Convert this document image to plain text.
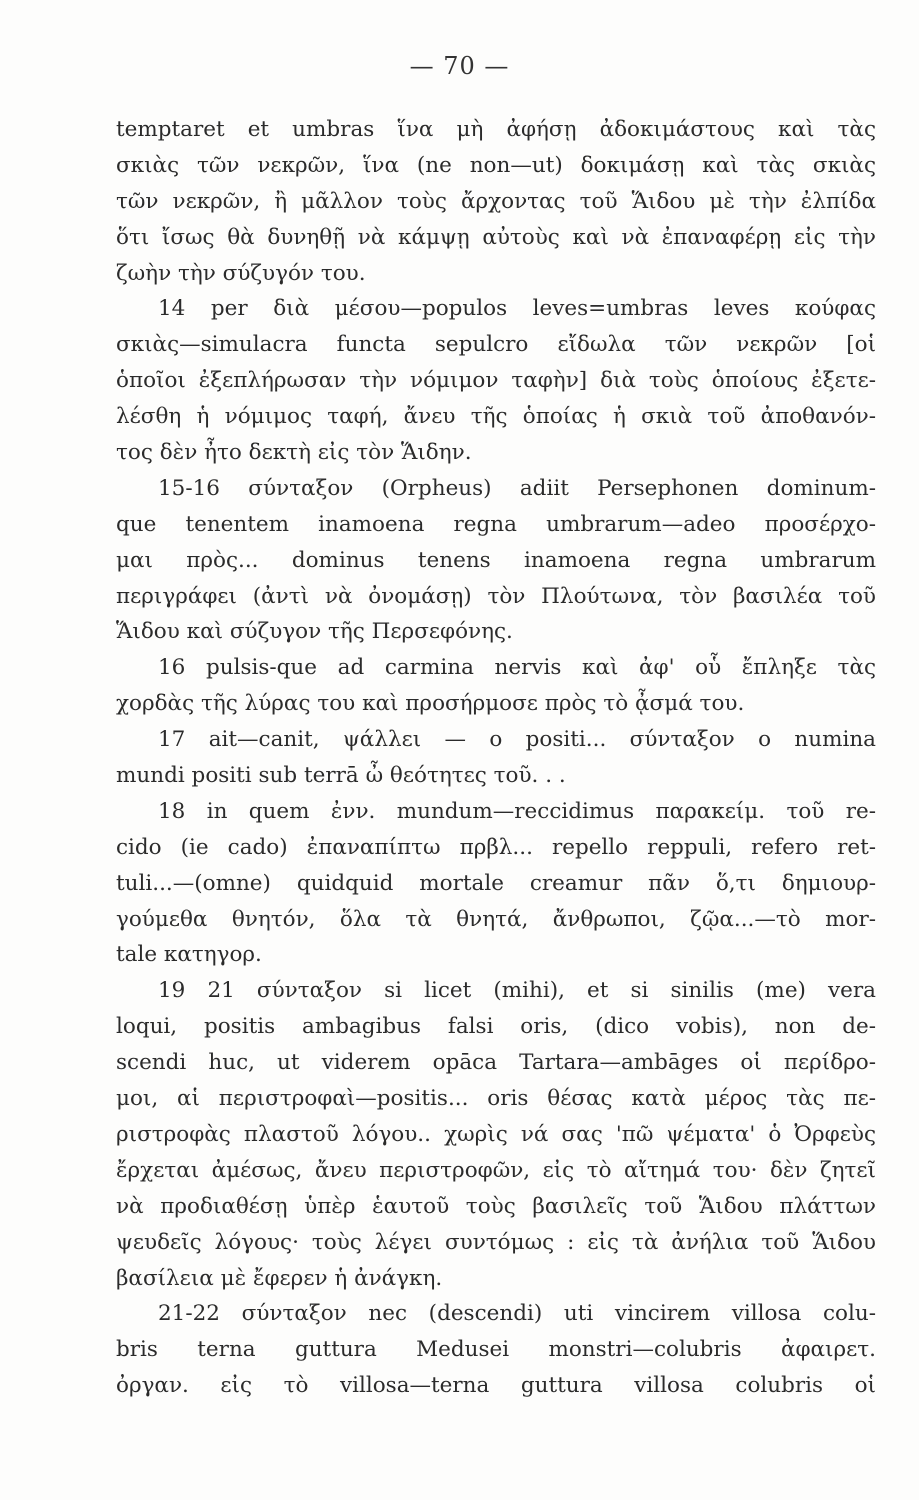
— 70 —
temptaret et umbras ἵνα μὴ ἀφήσῃ ἀδοκιμάστους καὶ τὰς
σκιὰς τῶν νεκρῶν, ἵνα (ne non—ut) δοκιμάσῃ καὶ τὰς σκιὰς
τῶν νεκρῶν, ἢ μᾶλλον τοὺς ἄρχοντας τοῦ Ἅιδου μὲ τὴν ἐλπίδα
ὅτι ἴσως θὰ δυνηθῇ νὰ κάμψῃ αὐτοὺς καὶ νὰ ἐπαναφέρῃ εἰς τὴν
ζωὴν τὴν σύζυγόν του.
14 per διὰ μέσου—populos leves=umbras leves κούφας
σκιὰς—simulacra functa sepulcro εἴδωλα τῶν νεκρῶν [οἱ
ὁποῖοι ἐξεπλήρωσαν τὴν νόμιμον ταφὴν] διὰ τοὺς ὁποίους ἐξετε-
λέσθη ἡ νόμιμος ταφή, ἄνευ τῆς ὁποίας ἡ σκιὰ τοῦ ἀποθανόν-
τος δὲν ἦτο δεκτὴ εἰς τὸν Ἅιδην.
15-16 σύνταξον (Orpheus) adiit Persephonen dominum-
que tenentem inamoena regna umbrarum—adeo προσέρχο-
μαι πρὸς... dominus tenens inamoena regna umbrarum
περιγράφει (ἀντὶ νὰ ὀνομάσῃ) τὸν Πλούτωνα, τὸν βασιλέα τοῦ
Ἅιδου καὶ σύζυγον τῆς Περσεφόνης.
16 pulsis-que ad carmina nervis καὶ ἀφ' οὗ ἔπληξε τὰς
χορδὰς τῆς λύρας του καὶ προσήρμοσε πρὸς τὸ ᾆσμά του.
17 ait—canit, ψάλλει — o positi... σύνταξον o numina
mundi positi sub terrā ὦ θεότητες τοῦ. . .
18 in quem ἐνν. mundum—reccidimus παρακείμ. τοῦ re-
cido (ie cado) ἐπαναπίπτω πρβλ... repello reppuli, refero ret-
tuli...—(omne) quidquid mortale creamur πᾶν ὅ,τι δημιουρ-
γούμεθα θνητόν, ὅλα τὰ θνητά, ἄνθρωποι, ζῷα...—τὸ mor-
tale κατηγορ.
19 21 σύνταξον si licet (mihi), et si sinilis (me) vera
loqui, positis ambagibus falsi oris, (dico vobis), non de-
scendi huc, ut viderem opāca Tartara—ambāges οἱ περίδρο-
μοι, αἱ περιστροφαὶ—positis... oris θέσας κατὰ μέρος τὰς πε-
ριστροφὰς πλαστοῦ λόγου.. χωρὶς νά σας 'πῶ ψέματα' ὁ Ὀρφεὺς
ἔρχεται ἀμέσως, ἄνευ περιστροφῶν, εἰς τὸ αἴτημά του· δὲν ζητεῖ
νὰ προδιαθέσῃ ὑπὲρ ἑαυτοῦ τοὺς βασιλεῖς τοῦ Ἅιδου πλάττων
ψευδεῖς λόγους· τοὺς λέγει συντόμως : εἰς τὰ ἀνήλια τοῦ Ἅιδου
βασίλεια μὲ ἔφερεν ἡ ἀνάγκη.
21-22 σύνταξον nec (descendi) uti vincirem villosa colu-
bris terna guttura Medusei monstri—colubris ἀφαιρετ.
ὀργαν. εἰς τὸ villosa—terna guttura villosa colubris οἱ
